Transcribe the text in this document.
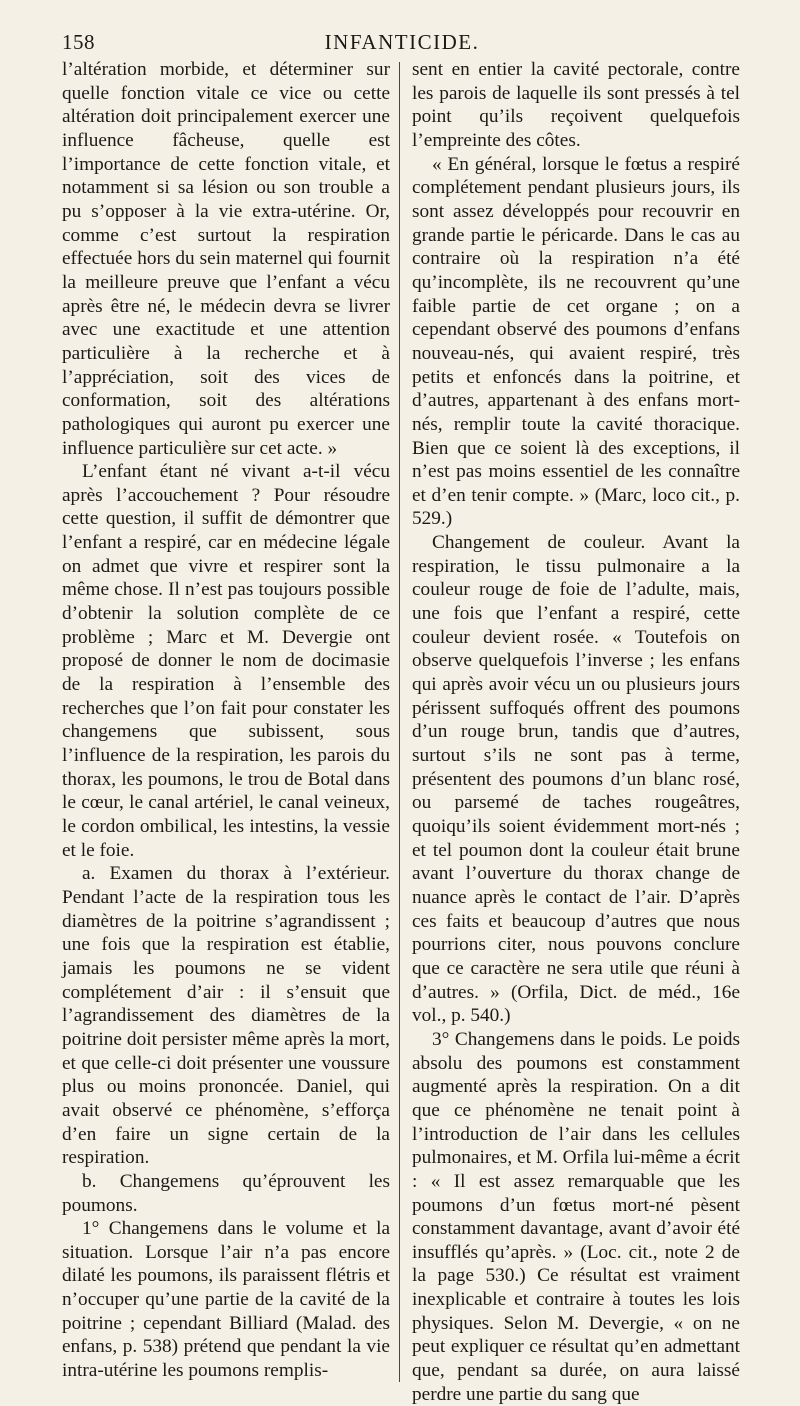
158	INFANTICIDE.

l’altération morbide, et déterminer sur quelle fonction vitale ce vice ou cette altération doit principalement exercer une influence fâcheuse, quelle est l’importance de cette fonction vitale, et notamment si sa lésion ou son trouble a pu s’opposer à la vie extra-utérine. Or, comme c’est surtout la respiration effectuée hors du sein maternel qui fournit la meilleure preuve que l’enfant a vécu après être né, le médecin devra se livrer avec une exactitude et une attention particulière à la recherche et à l’appréciation, soit des vices de conformation, soit des altérations pathologiques qui auront pu exercer une influence particulière sur cet acte. »

L’enfant étant né vivant a-t-il vécu après l’accouchement ? Pour résoudre cette question, il suffit de démontrer que l’enfant a respiré, car en médecine légale on admet que vivre et respirer sont la même chose. Il n’est pas toujours possible d’obtenir la solution complète de ce problème ; Marc et M. Devergie ont proposé de donner le nom de docimasie de la respiration à l’ensemble des recherches que l’on fait pour constater les changemens que subissent, sous l’influence de la respiration, les parois du thorax, les poumons, le trou de Botal dans le cœur, le canal artériel, le canal veineux, le cordon ombilical, les intestins, la vessie et le foie.

a. Examen du thorax à l’extérieur. Pendant l’acte de la respiration tous les diamètres de la poitrine s’agrandissent ; une fois que la respiration est établie, jamais les poumons ne se vident complétement d’air : il s’ensuit que l’agrandissement des diamètres de la poitrine doit persister même après la mort, et que celle-ci doit présenter une voussure plus ou moins prononcée. Daniel, qui avait observé ce phénomène, s’efforça d’en faire un signe certain de la respiration.

b. Changemens qu’éprouvent les poumons.

1° Changemens dans le volume et la situation. Lorsque l’air n’a pas encore dilaté les poumons, ils paraissent flétris et n’occuper qu’une partie de la cavité de la poitrine ; cependant Billiard (Malad. des enfans, p. 538) prétend que pendant la vie intra-utérine les poumons remplis-

sent en entier la cavité pectorale, contre les parois de laquelle ils sont pressés à tel point qu’ils reçoivent quelquefois l’empreinte des côtes.

« En général, lorsque le fœtus a respiré complétement pendant plusieurs jours, ils sont assez développés pour recouvrir en grande partie le péricarde. Dans le cas au contraire où la respiration n’a été qu’incomplète, ils ne recouvrent qu’une faible partie de cet organe ; on a cependant observé des poumons d’enfans nouveau-nés, qui avaient respiré, très petits et enfoncés dans la poitrine, et d’autres, appartenant à des enfans mort-nés, remplir toute la cavité thoracique. Bien que ce soient là des exceptions, il n’est pas moins essentiel de les connaître et d’en tenir compte. » (Marc, loco cit., p. 529.)

Changement de couleur. Avant la respiration, le tissu pulmonaire a la couleur rouge de foie de l’adulte, mais, une fois que l’enfant a respiré, cette couleur devient rosée. « Toutefois on observe quelquefois l’inverse ; les enfans qui après avoir vécu un ou plusieurs jours périssent suffoqués offrent des poumons d’un rouge brun, tandis que d’autres, surtout s’ils ne sont pas à terme, présentent des poumons d’un blanc rosé, ou parsemé de taches rougeâtres, quoiqu’ils soient évidemment mort-nés ; et tel poumon dont la couleur était brune avant l’ouverture du thorax change de nuance après le contact de l’air. D’après ces faits et beaucoup d’autres que nous pourrions citer, nous pouvons conclure que ce caractère ne sera utile que réuni à d’autres. » (Orfila, Dict. de méd., 16e vol., p. 540.)

3° Changemens dans le poids. Le poids absolu des poumons est constamment augmenté après la respiration. On a dit que ce phénomène ne tenait point à l’introduction de l’air dans les cellules pulmonaires, et M. Orfila lui-même a écrit : « Il est assez remarquable que les poumons d’un fœtus mort-né pèsent constamment davantage, avant d’avoir été insufflés qu’après. » (Loc. cit., note 2 de la page 530.) Ce résultat est vraiment inexplicable et contraire à toutes les lois physiques. Selon M. Devergie, « on ne peut expliquer ce résultat qu’en admettant que, pendant sa durée, on aura laissé perdre une partie du sang que
